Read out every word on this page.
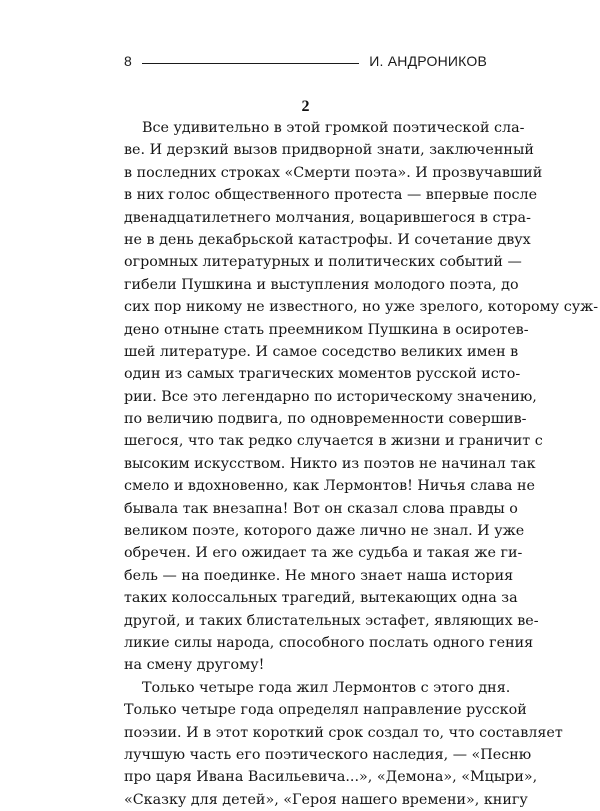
8	И. АНДРОНИКОВ
2
Все удивительно в этой громкой поэтической сла-
ве. И дерзкий вызов придворной знати, заключенный
в последних строках «Смерти поэта». И прозвучавший
в них голос общественного протеста — впервые после
двенадцатилетнего молчания, воцарившегося в стра-
не в день декабрьской катастрофы. И сочетание двух
огромных литературных и политических событий —
гибели Пушкина и выступления молодого поэта, до
сих пор никому не известного, но уже зрелого, которому суж-
дено отныне стать преемником Пушкина в осиротев-
шей литературе. И самое соседство великих имен в
один из самых трагических моментов русской исто-
рии. Все это легендарно по историческому значению,
по величию подвига, по одновременности совершив-
шегося, что так редко случается в жизни и граничит с
высоким искусством. Никто из поэтов не начинал так
смело и вдохновенно, как Лермонтов! Ничья слава не
бывала так внезапна! Вот он сказал слова правды о
великом поэте, которого даже лично не знал. И уже
обречен. И его ожидает та же судьба и такая же ги-
бель — на поединке. Не много знает наша история
таких колоссальных трагедий, вытекающих одна за
другой, и таких блистательных эстафет, являющих ве-
ликие силы народа, способного послать одного гения
на смену другому!
Только четыре года жил Лермонтов с этого дня.
Только четыре года определял направление русской
поэзии. И в этот короткий срок создал то, что составляет
лучшую часть его поэтического наследия, — «Песню
про царя Ивана Васильевича...», «Демона», «Мцыри»,
«Сказку для детей», «Героя нашего времени», книгу
